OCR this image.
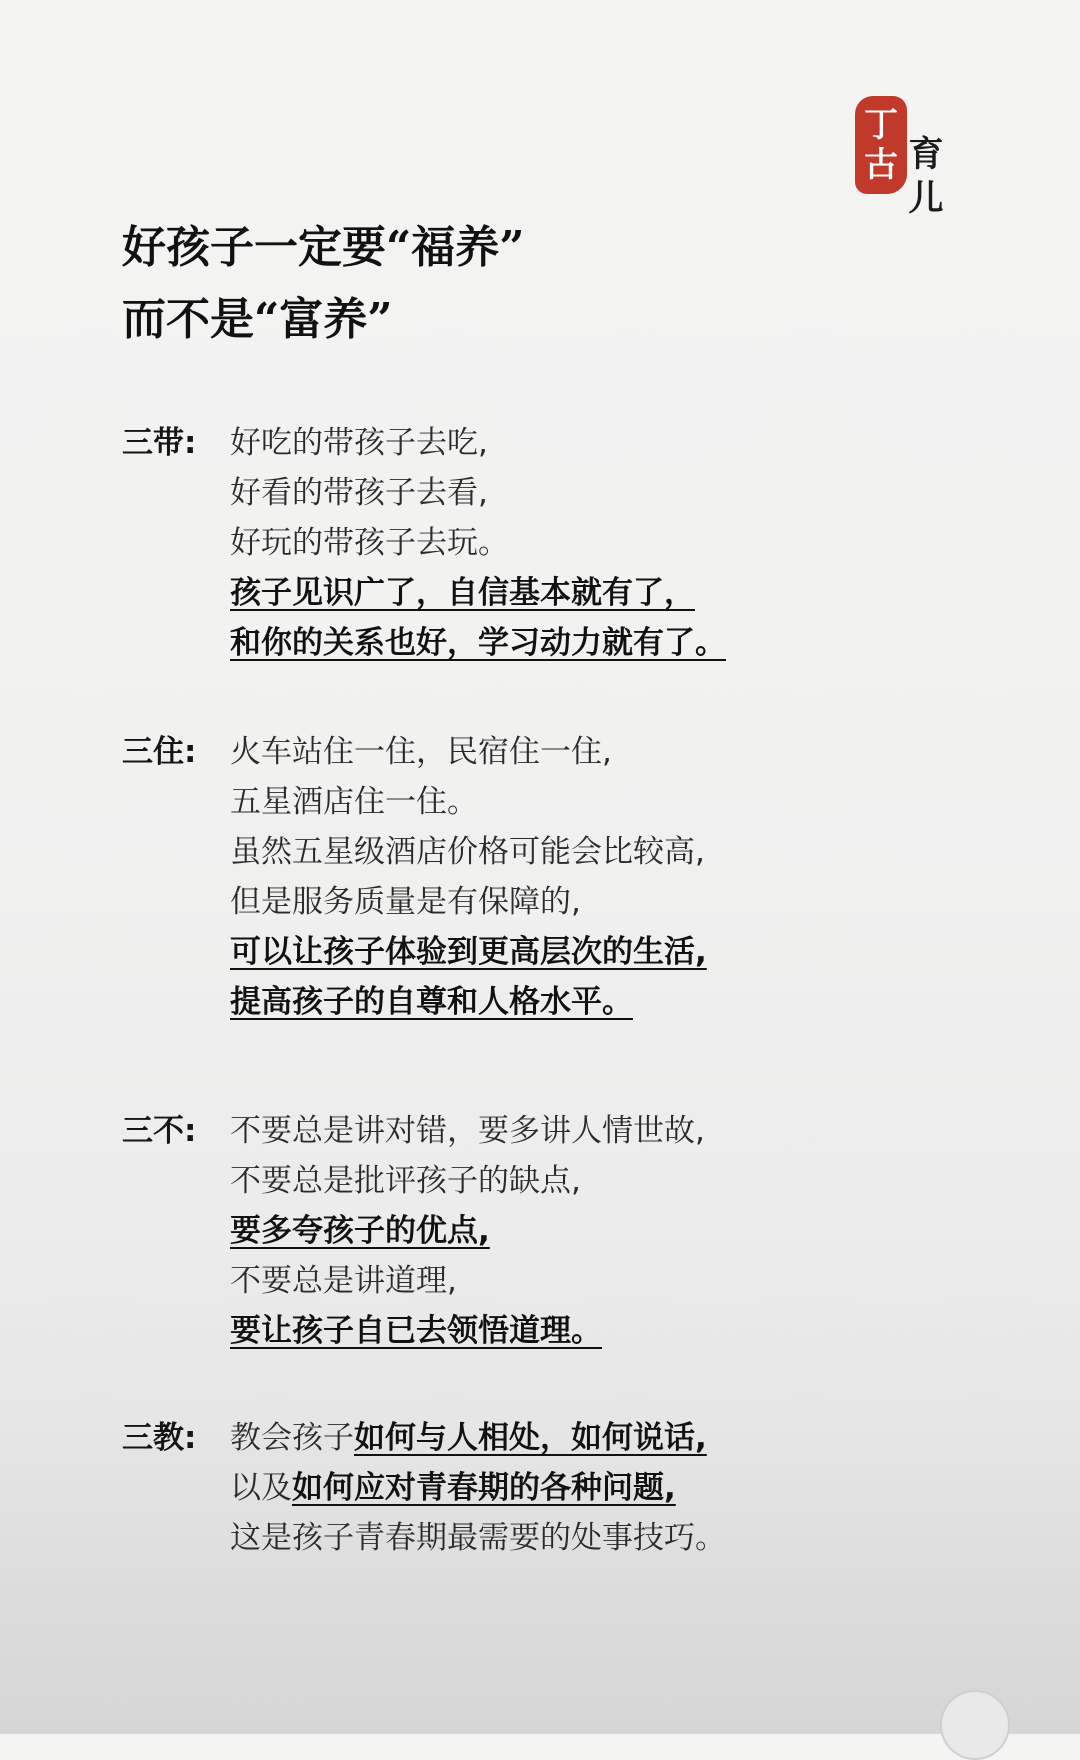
丁
古 育
儿
好孩子一定要“福养”
而不是“富养”
三带: 好吃的带孩子去吃,
好看的带孩子去看,
好玩的带孩子去玩。
孩子见识广了，自信基本就有了，
和你的关系也好，学习动力就有了。
三住: 火车站住一住，民宿住一住,
五星酒店住一住。
虽然五星级酒店价格可能会比较高,
但是服务质量是有保障的,
可以让孩子体验到更高层次的生活,
提高孩子的自尊和人格水平。
三不: 不要总是讲对错，要多讲人情世故,
不要总是批评孩子的缺点,
要多夸孩子的优点,
不要总是讲道理,
要让孩子自已去领悟道理。
三教: 教会孩子如何与人相处，如何说话,
以及如何应对青春期的各种问题,
这是孩子青春期最需要的处事技巧。
